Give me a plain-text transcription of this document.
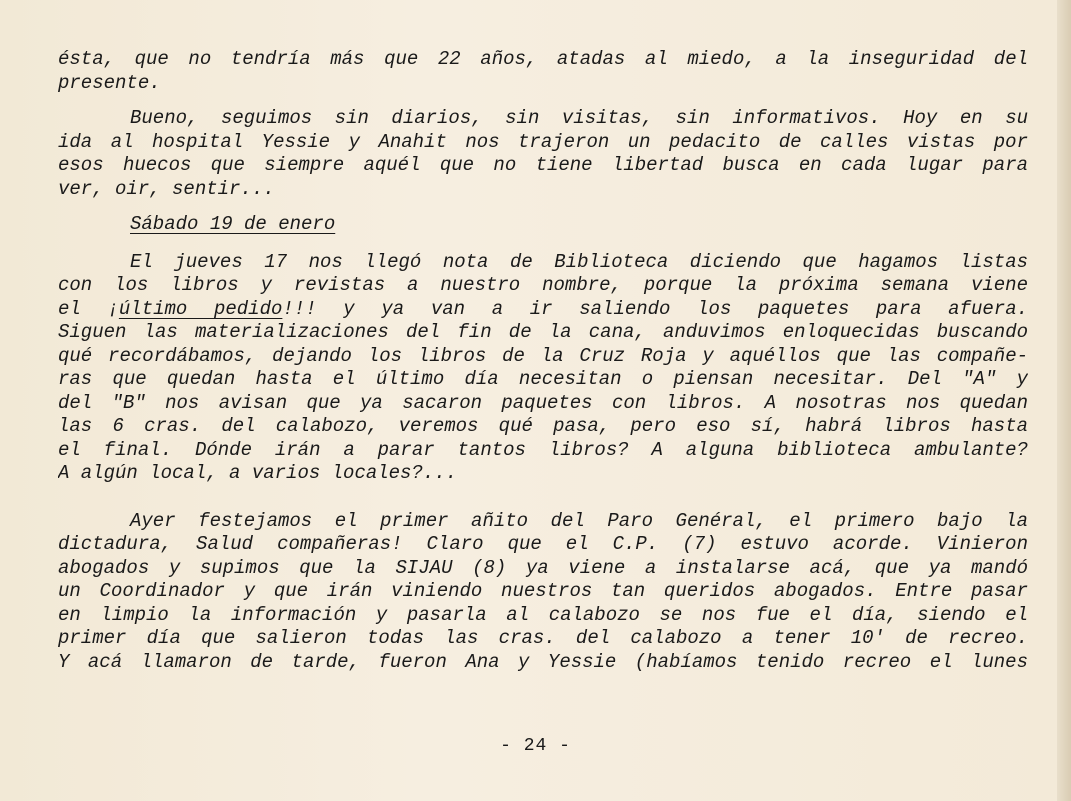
ésta, que no tendría más que 22 años, atadas al miedo, a la inseguridad del
presente.
Bueno, seguimos sin diarios, sin visitas, sin informativos. Hoy en su
ida al hospital Yessie y Anahit nos trajeron un pedacito de calles vistas por
esos huecos que siempre aquél que no tiene libertad busca en cada lugar para
ver, oir, sentir...
Sábado 19 de enero
El jueves 17 nos llegó nota de Biblioteca diciendo que hagamos listas
con los libros y revistas a nuestro nombre, porque la próxima semana viene
el ¡último pedido!!! y ya van a ir saliendo los paquetes para afuera.
Siguen las materializaciones del fin de la cana, anduvimos enloquecidas buscando
qué recordábamos, dejando los libros de la Cruz Roja y aquéllos que las compañe-
ras que quedan hasta el último día necesitan o piensan necesitar. Del "A" y
del "B" nos avisan que ya sacaron paquetes con libros. A nosotras nos quedan
las 6 cras. del calabozo, veremos qué pasa, pero eso sí, habrá libros hasta
el final. Dónde irán a parar tantos libros? A alguna biblioteca ambulante?
A algún local, a varios locales?...
Ayer festejamos el primer añito del Paro Genéral, el primero bajo la
dictadura, Salud compañeras! Claro que el C.P. (7) estuvo acorde. Vinieron
abogados y supimos que la SIJAU (8) ya viene a instalarse acá, que ya mandó
un Coordinador y que irán viniendo nuestros tan queridos abogados. Entre pasar
en limpio la información y pasarla al calabozo se nos fue el día, siendo el
primer día que salieron todas las cras. del calabozo a tener 10' de recreo.
Y acá llamaron de tarde, fueron Ana y Yessie (habíamos tenido recreo el lunes
- 24 -
